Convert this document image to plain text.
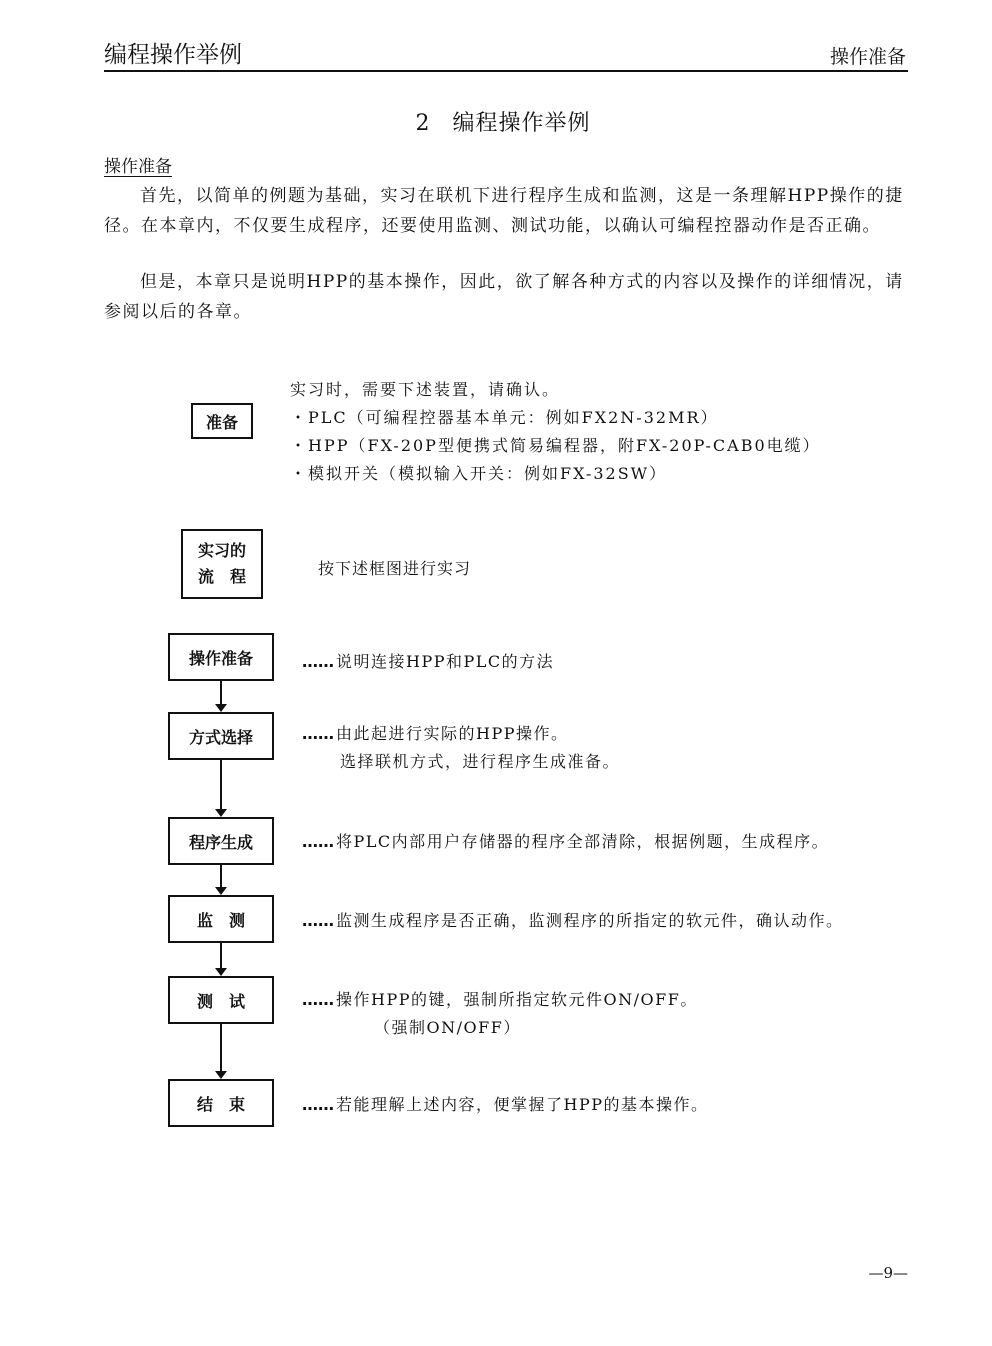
编程操作举例	操作准备
2 编程操作举例
操作准备
首先，以简单的例题为基础，实习在联机下进行程序生成和监测，这是一条理解HPP操作的捷径。在本章内，不仅要生成程序，还要使用监测、测试功能，以确认可编程控器动作是否正确。
但是，本章只是说明HPP的基本操作，因此，欲了解各种方式的内容以及操作的详细情况，请参阅以后的各章。
准备
实习时，需要下述装置，请确认。
・PLC（可编程控器基本单元：例如FX2N-32MR）
・HPP（FX-20P型便携式简易编程器，附FX-20P-CAB0电缆）
・模拟开关（模拟输入开关：例如FX-32SW）
实习的
流　程	按下述框图进行实习
操作准备
方式选择
程序生成
监　测
测　试
结　束
…… 说明连接HPP和PLC的方法
…… 由此起进行实际的HPP操作。
选择联机方式，进行程序生成准备。
…… 将PLC内部用户存储器的程序全部清除，根据例题，生成程序。
…… 监测生成程序是否正确，监测程序的所指定的软元件，确认动作。
…… 操作HPP的键，强制所指定软元件ON/OFF。
（强制ON/OFF）
…… 若能理解上述内容，便掌握了HPP的基本操作。
—9—
